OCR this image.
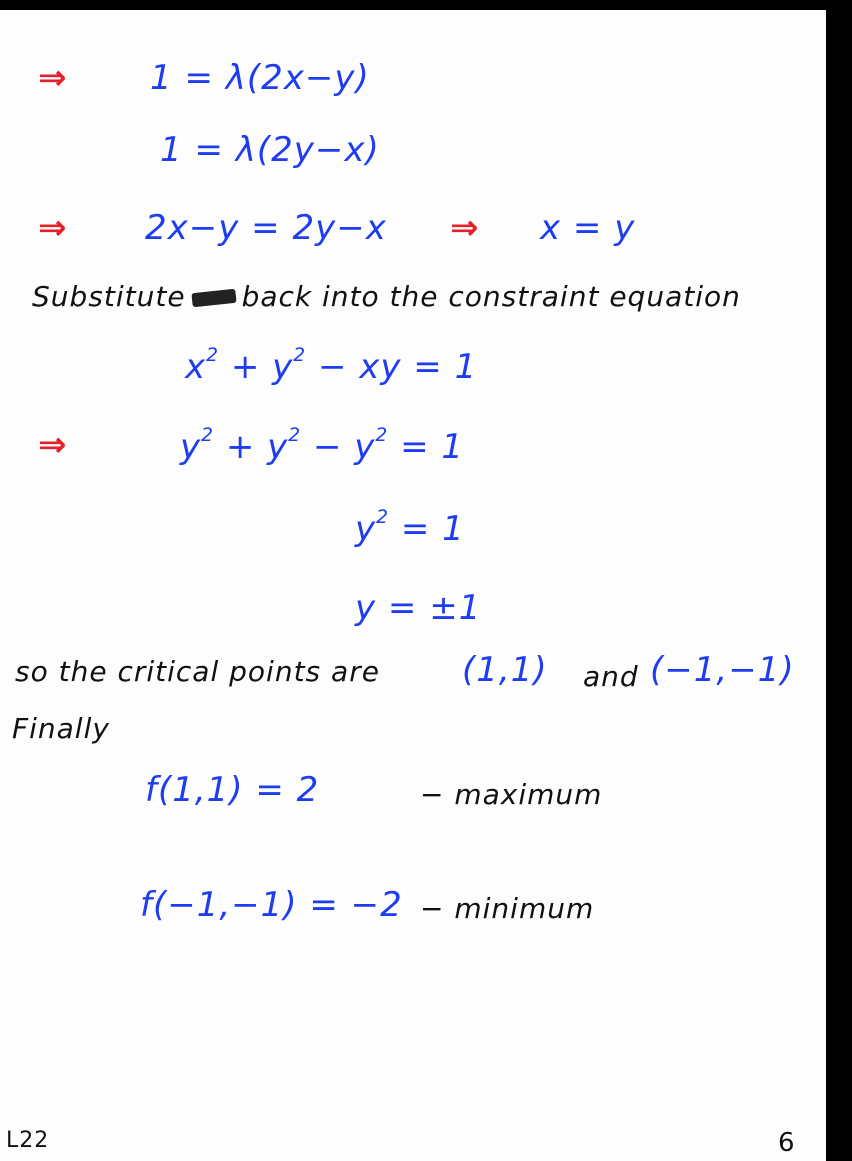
⇒ 1 = λ(2x−y)
1 = λ(2y−x)
⇒ 2x−y = 2y−x ⇒ x = y
Substitute back into the constraint equation
$x^2 + y^2$ − xy = 1
⇒	$y^2 + y^2 - y^2 = 1$
$y^2 = 1$
y = ±1
so the critical points are (1,1) and (−1,−1)
Finally
f(1,1) = 2	− maximum
f(−1,−1) = −2 − minimum
L22	6
